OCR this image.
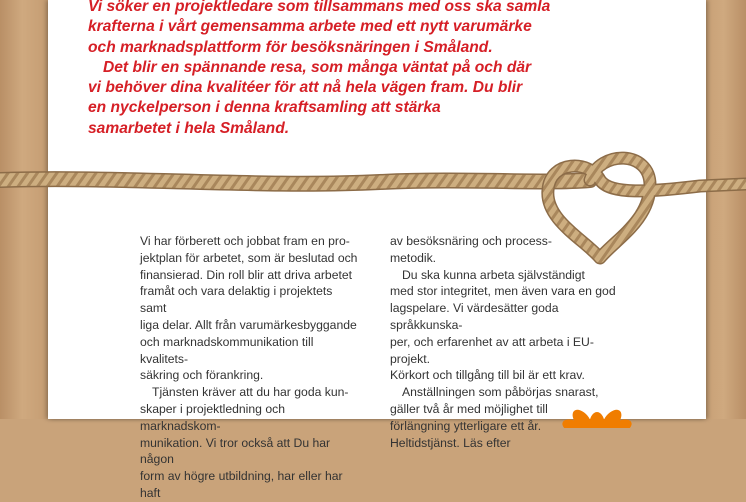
Vi söker en projektledare som tillsammans med oss ska samla
krafterna i vårt gemensamma arbete med ett nytt varumärke
och marknadsplattform för besöksnäringen i Småland.

Det blir en spännande resa, som många väntat på och där
vi behöver dina kvalitéer för att nå hela vägen fram. Du blir
en nyckelperson i denna kraftsamling att stärka
samarbetet i hela Småland.

Vi har förberett och jobbat fram en pro-
jektplan för arbetet, som är beslutad och
finansierad. Din roll blir att driva arbetet
framåt och vara delaktig i projektets samt
liga delar. Allt från varumärkesbyggande
och marknadskommunikation till kvalitets-
säkring och förankring.

Tjänsten kräver att du har goda kun-
skaper i projektledning och marknadskom-
munikation. Vi tror också att Du har någon
form av högre utbildning, har eller har haft

av besöksnäring och process-
metodik.

Du ska kunna arbeta självständigt
med stor integritet, men även vara en god
lagspelare. Vi värdesätter goda språkkunska-
per, och erfarenhet av att arbeta i EU-projekt.
Körkort och tillgång till bil är ett krav.

Anställningen som påbörjas snarast,
gäller två år med möjlighet till
förlängning ytterligare ett år.
Heltidstjänst. Läs efter
